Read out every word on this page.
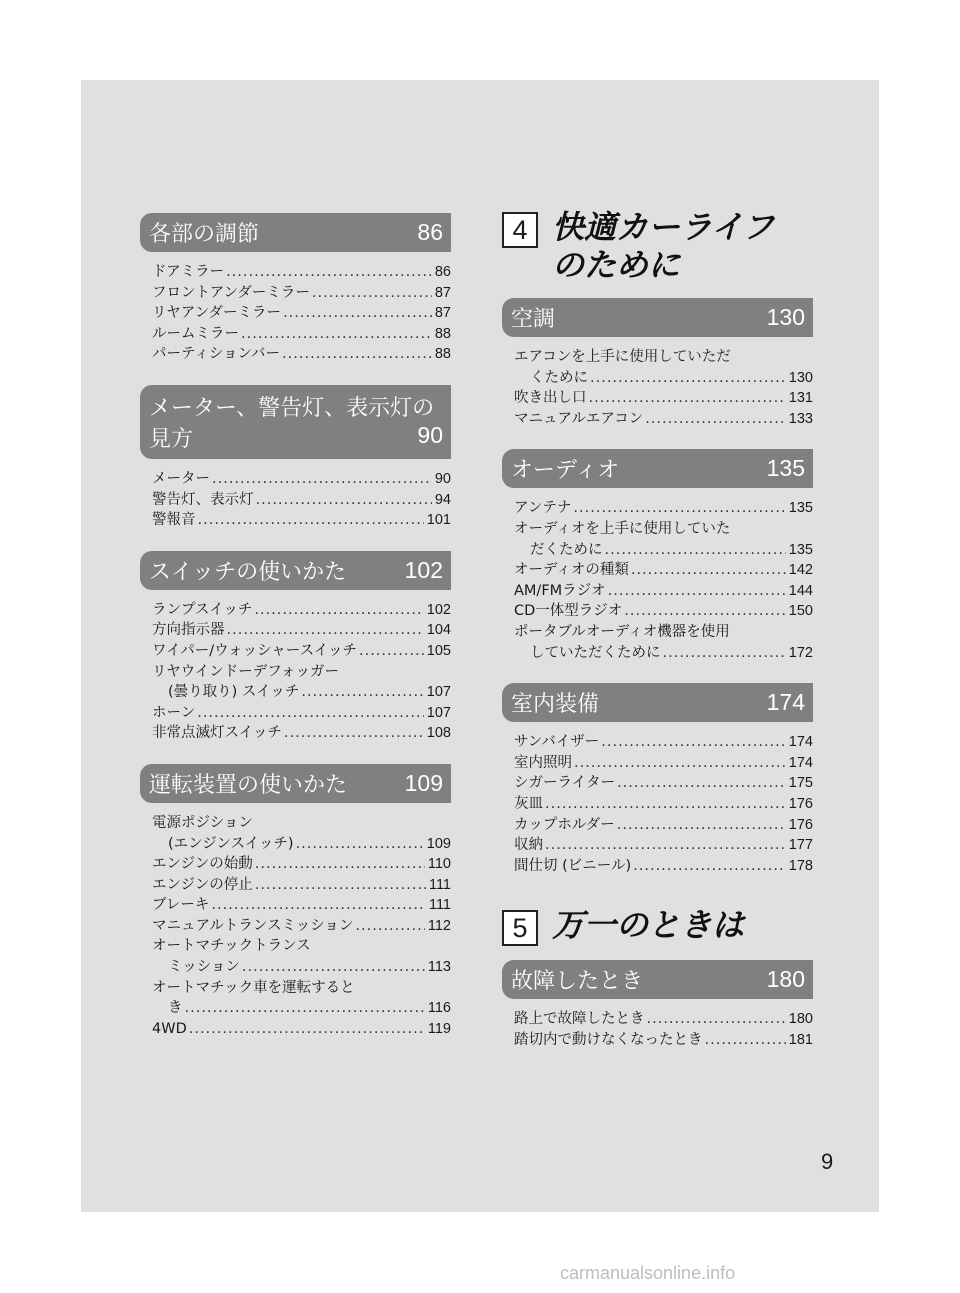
各部の調節	86
ドアミラー .....	86
フロントアンダーミラー .....	87
リヤアンダーミラー .....	87
ルームミラー .....	88
パーティションバー .....	88
メーター、警告灯、表示灯の
見方	90
メーター .....	90
警告灯、表示灯 .....	94
警報音 .....	101
スイッチの使いかた	102
ランプスイッチ .....	102
方向指示器 .....	104
ワイパー/ウォッシャースイッチ .....	105
リヤウインドーデフォッガー
(曇り取り) スイッチ .....	107
ホーン .....	107
非常点滅灯スイッチ .....	108
運転装置の使いかた	109
電源ポジション
(エンジンスイッチ) .....	109
エンジンの始動 .....	110
エンジンの停止 .....	111
ブレーキ .....	111
マニュアルトランスミッション .....	112
オートマチックトランス
ミッション .....	113
オートマチック車を運転すると
き .....	116
4WD .....	119
4 快適カーライフ
のために
空調	130
エアコンを上手に使用していただ
くために .....	130
吹き出し口 .....	131
マニュアルエアコン .....	133
オーディオ	135
アンテナ .....	135
オーディオを上手に使用していた
だくために .....	135
オーディオの種類 .....	142
AM/FMラジオ .....	144
CD一体型ラジオ .....	150
ポータブルオーディオ機器を使用
していただくために .....	172
室内装備	174
サンバイザー .....	174
室内照明 .....	174
シガーライター .....	175
灰皿 .....	176
カップホルダー .....	176
収納 .....	177
間仕切 (ビニール) .....	178
5 万一のときは
故障したとき	180
路上で故障したとき .....	180
踏切内で動けなくなったとき .....	181
9
carmanualsonline.info
